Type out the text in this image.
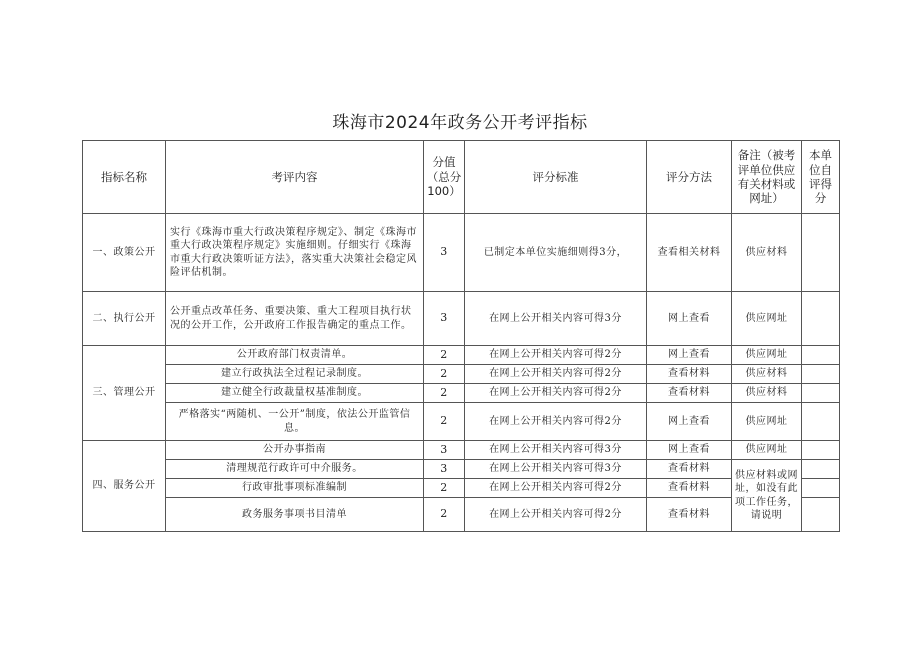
珠海市2024年政务公开考评指标
指标名称	考评内容	分值（总分100）	评分标准	评分方法	备注（被考评单位供应有关材料或网址）	本单位自评得分
一、政策公开	实行《珠海市重大行政决策程序规定》、制定《珠海市重大行政决策程序规定》实施细则。仔细实行《珠海市重大行政决策听证方法》，落实重大决策社会稳定风险评估机制。	3	已制定本单位实施细则得3分，	查看相关材料	供应材料	
二、执行公开	公开重点改革任务、重要决策、重大工程项目执行状况的公开工作，公开政府工作报告确定的重点工作。	3	在网上公开相关内容可得3分	网上查看	供应网址	
三、管理公开	公开政府部门权责清单。	2	在网上公开相关内容可得2分	网上查看	供应网址	
	建立行政执法全过程记录制度。	2	在网上公开相关内容可得2分	查看材料	供应材料	
	建立健全行政裁量权基准制度。	2	在网上公开相关内容可得2分	查看材料	供应材料	
	严格落实“两随机、一公开”制度，依法公开监管信息。	2	在网上公开相关内容可得2分	网上查看	供应网址	
四、服务公开	公开办事指南	3	在网上公开相关内容可得3分	网上查看	供应网址	
	清理规范行政许可中介服务。	3	在网上公开相关内容可得3分	查看材料	供应材料或网址，如没有此项工作任务，请说明	
	行政审批事项标准编制	2	在网上公开相关内容可得2分	查看材料		
	政务服务事项书目清单	2	在网上公开相关内容可得2分	查看材料		
